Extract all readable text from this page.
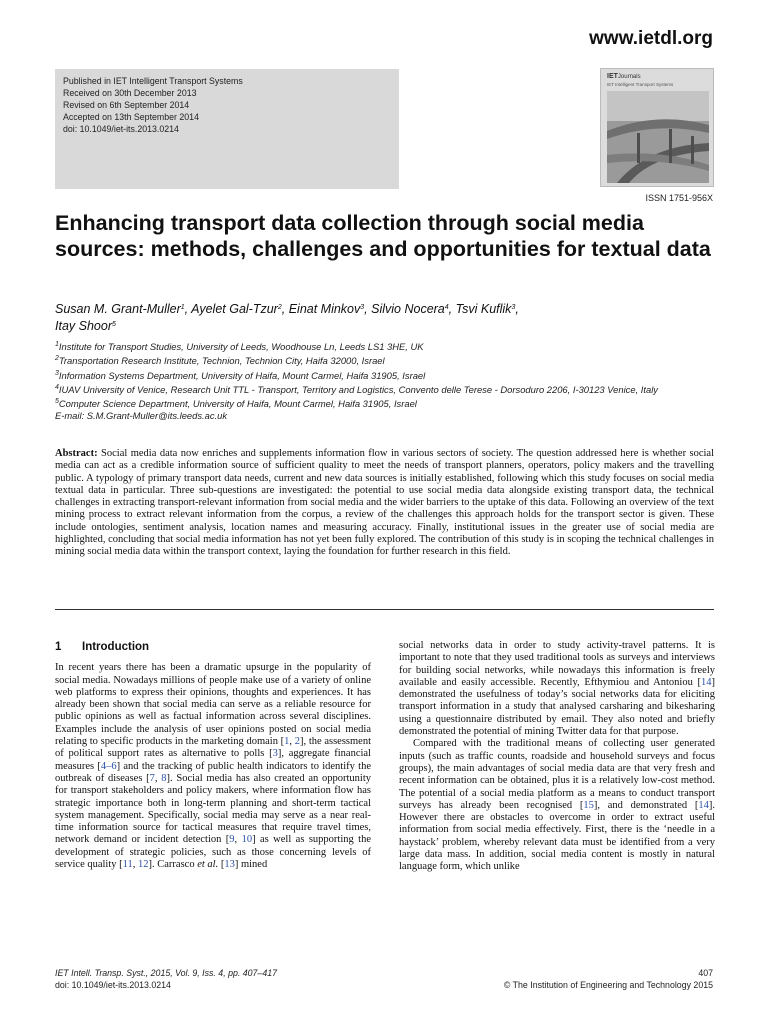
www.ietdl.org
Published in IET Intelligent Transport Systems
Received on 30th December 2013
Revised on 6th September 2014
Accepted on 13th September 2014
doi: 10.1049/iet-its.2013.0214
IETJournals
IET Intelligent Transport Systems
ISSN 1751-956X
Enhancing transport data collection through social media sources: methods, challenges and opportunities for textual data
Susan M. Grant-Muller$^1$, Ayelet Gal-Tzur$^2$, Einat Minkov$^3$, Silvio Nocera$^4$, Tsvi Kuflik$^3$,
Itay Shoor$^5$
$^1$Institute for Transport Studies, University of Leeds, Woodhouse Ln, Leeds LS1 3HE, UK
$^2$Transportation Research Institute, Technion, Technion City, Haifa 32000, Israel
$^3$Information Systems Department, University of Haifa, Mount Carmel, Haifa 31905, Israel
$^4$IUAV University of Venice, Research Unit TTL - Transport, Territory and Logistics, Convento delle Terese - Dorsoduro 2206, I-30123 Venice, Italy
$^5$Computer Science Department, University of Haifa, Mount Carmel, Haifa 31905, Israel
E-mail: S.M.Grant-Muller@its.leeds.ac.uk
Abstract: Social media data now enriches and supplements information flow in various sectors of society. The question addressed here is whether social media can act as a credible information source of sufficient quality to meet the needs of transport planners, operators, policy makers and the travelling public. A typology of primary transport data needs, current and new data sources is initially established, following which this study focuses on social media textual data in particular. Three sub-questions are investigated: the potential to use social media data alongside existing transport data, the technical challenges in extracting transport-relevant information from social media and the wider barriers to the uptake of this data. Following an overview of the text mining process to extract relevant information from the corpus, a review of the challenges this approach holds for the transport sector is given. These include ontologies, sentiment analysis, location names and measuring accuracy. Finally, institutional issues in the greater use of social media are highlighted, concluding that social media information has not yet been fully explored. The contribution of this study is in scoping the technical challenges in mining social media data within the transport context, laying the foundation for further research in this field.
1 Introduction

In recent years there has been a dramatic upsurge in the popularity of social media. Nowadays millions of people make use of a variety of online web platforms to express their opinions, thoughts and experiences. It has already been shown that social media can serve as a reliable resource for public opinions as well as factual information across several disciplines. Examples include the analysis of user opinions posted on social media relating to specific products in the marketing domain [1, 2], the assessment of political support rates as alternative to polls [3], aggregate financial measures [4–6] and the tracking of public health indicators to identify the outbreak of diseases [7, 8]. Social media has also created an opportunity for transport stakeholders and policy makers, where information flow has strategic importance both in long-term planning and short-term tactical system management. Specifically, social media may serve as a near real-time information source for tactical measures that require travel times, network demand or incident detection [9, 10] as well as supporting the development of strategic policies, such as those concerning levels of service quality [11, 12]. Carrasco et al. [13] mined

social networks data in order to study activity-travel patterns. It is important to note that they used traditional tools as surveys and interviews for building social networks, while nowadays this information is freely available and easily accessible. Recently, Efthymiou and Antoniou [14] demonstrated the usefulness of today’s social networks data for eliciting transport information in a study that analysed carsharing and bikesharing using a questionnaire distributed by email. They also noted and briefly demonstrated the potential of mining Twitter data for that purpose.

Compared with the traditional means of collecting user generated inputs (such as traffic counts, roadside and household surveys and focus groups), the main advantages of social media data are that very fresh and recent information can be obtained, plus it is a relatively low-cost method. The potential of a social media platform as a means to conduct transport surveys has already been recognised [15], and demonstrated [14]. However there are obstacles to overcome in order to extract useful information from social media effectively. First, there is the ‘needle in a haystack’ problem, whereby relevant data must be identified from a very large data mass. In addition, social media content is mostly in natural language form, which unlike

IET Intell. Transp. Syst., 2015, Vol. 9, Iss. 4, pp. 407–417
doi: 10.1049/iet-its.2013.0214
407
© The Institution of Engineering and Technology 2015
